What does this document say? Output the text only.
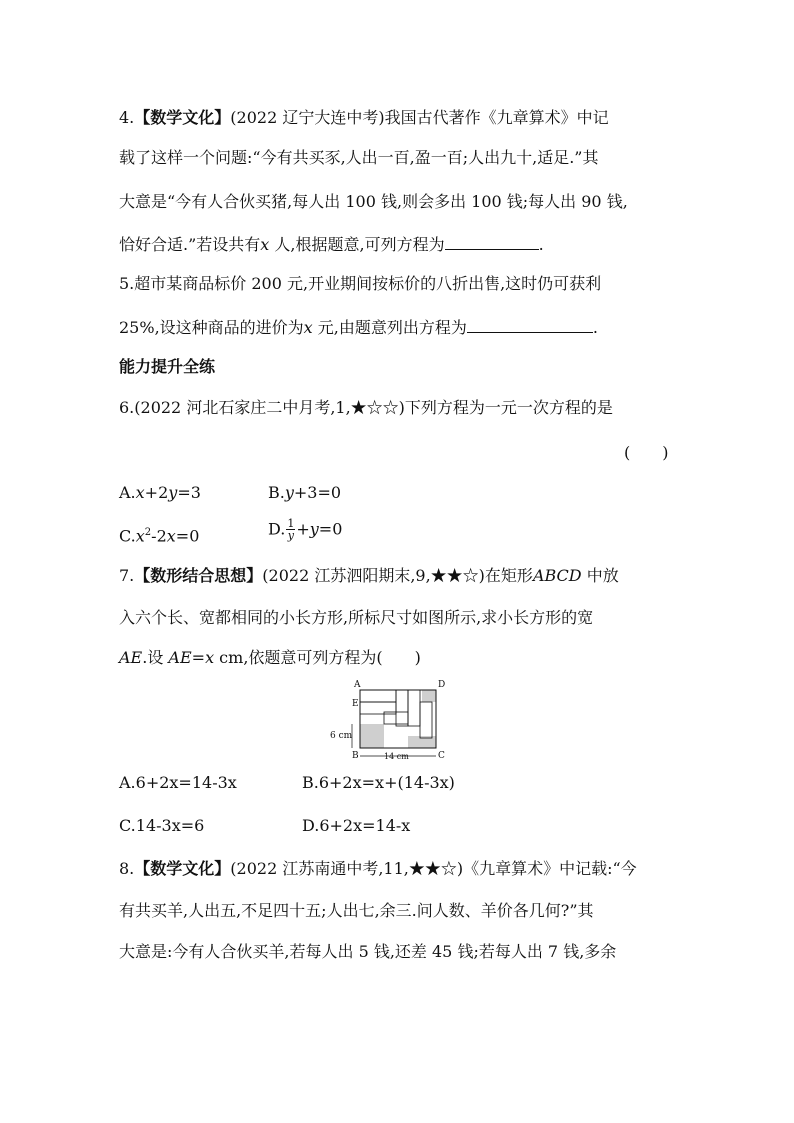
4.【数学文化】(2022 辽宁大连中考)我国古代著作《九章算术》中记
载了这样一个问题:“今有共买豕,人出一百,盈一百;人出九十,适足.”其
大意是“今有人合伙买猪,每人出 100 钱,则会多出 100 钱;每人出 90 钱,
恰好合适.”若设共有x 人,根据题意,可列方程为	.
5.超市某商品标价 200 元,开业期间按标价的八折出售,这时仍可获利
25%,设这种商品的进价为x 元,由题意列出方程为	.
能力提升全练
6.(2022 河北石家庄二中月考,1,★☆☆)下列方程为一元一次方程的是
(　　)
A.x+2y=3	B.y+3=0
$C.x^2-2x=0$	D. $\frac{1}{y} +y=0$
7.【数形结合思想】(2022 江苏泗阳期末,9,★★☆)在矩形ABCD 中放
入六个长、宽都相同的小长方形,所标尺寸如图所示,求小长方形的宽
AE.设 AE=x cm,依题意可列方程为(　　)
A	D
E
B	C
6 cm
14 cm
A.6+2x=14-3x	B.6+2x=x+(14-3x)
C.14-3x=6	D.6+2x=14-x
8.【数学文化】(2022 江苏南通中考,11,★★☆)《九章算术》中记载:“今
有共买羊,人出五,不足四十五;人出七,余三.问人数、羊价各几何?”其
大意是:今有人合伙买羊,若每人出 5 钱,还差 45 钱;若每人出 7 钱,多余
